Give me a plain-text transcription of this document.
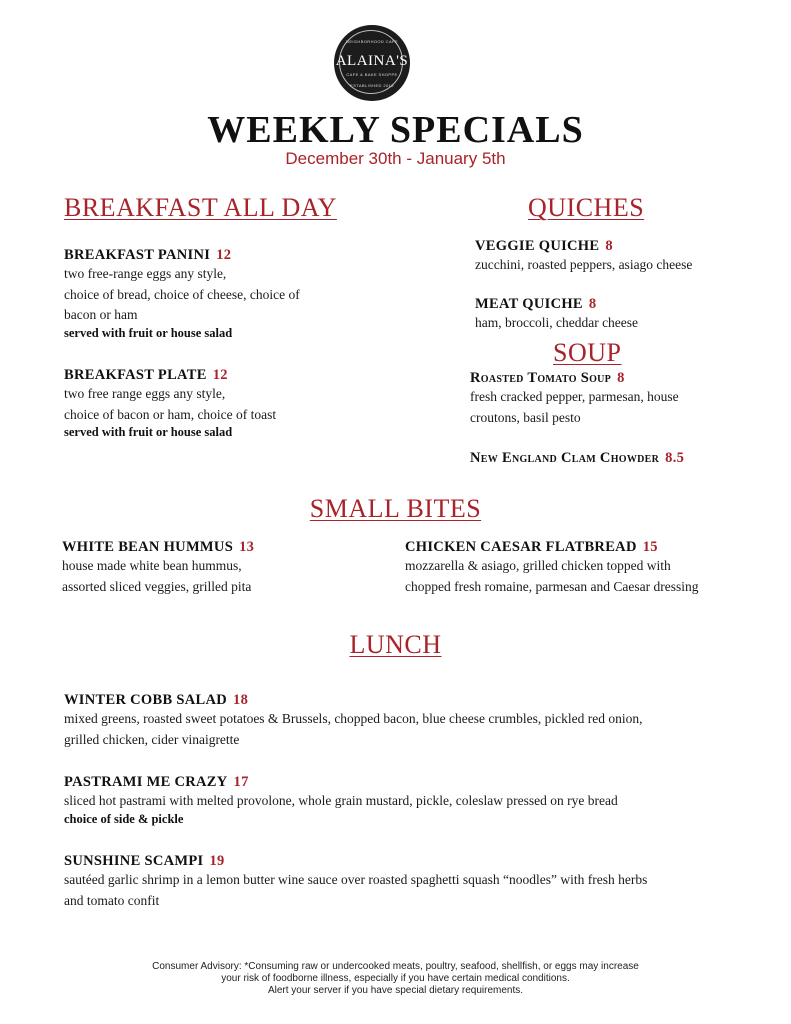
NEIGHBORHOOD CAFE
ALAINA'S
CAFE & BAKE SHOPPE
ESTABLISHED 2012
WEEKLY SPECIALS
December 30th - January 5th
BREAKFAST ALL DAY
BREAKFAST PANINI 12
two free-range eggs any style,
choice of bread, choice of cheese, choice of
bacon or ham
served with fruit or house salad
BREAKFAST PLATE 12
two free range eggs any style,
choice of bacon or ham, choice of toast
served with fruit or house salad
QUICHES
VEGGIE QUICHE 8
zucchini, roasted peppers, asiago cheese
MEAT QUICHE 8
ham, broccoli, cheddar cheese
SOUP
Roasted Tomato Soup 8
fresh cracked pepper, parmesan, house
croutons, basil pesto
New England Clam Chowder 8.5
SMALL BITES
WHITE BEAN HUMMUS 13
house made white bean hummus,
assorted sliced veggies, grilled pita
CHICKEN CAESAR FLATBREAD 15
mozzarella & asiago, grilled chicken topped with
chopped fresh romaine, parmesan and Caesar dressing
LUNCH
WINTER COBB SALAD 18
mixed greens, roasted sweet potatoes & Brussels, chopped bacon, blue cheese crumbles, pickled red onion,
grilled chicken, cider vinaigrette
PASTRAMI ME CRAZY 17
sliced hot pastrami with melted provolone, whole grain mustard, pickle, coleslaw pressed on rye bread
choice of side & pickle
SUNSHINE SCAMPI 19
sautéed garlic shrimp in a lemon butter wine sauce over roasted spaghetti squash “noodles” with fresh herbs
and tomato confit
Consumer Advisory: *Consuming raw or undercooked meats, poultry, seafood, shellfish, or eggs may increase
your risk of foodborne illness, especially if you have certain medical conditions.
Alert your server if you have special dietary requirements.
